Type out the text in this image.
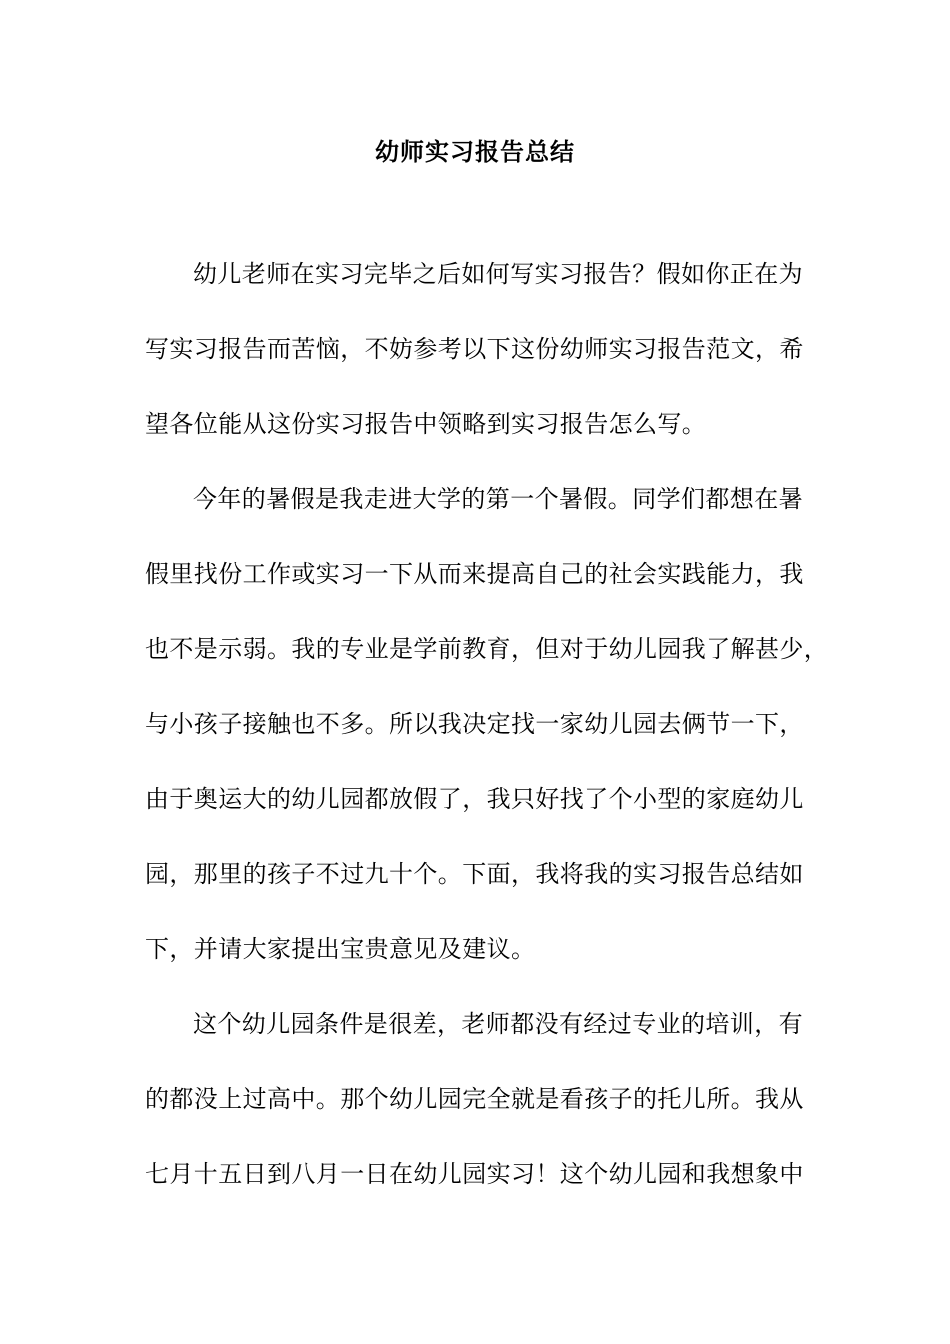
幼师实习报告总结
幼儿老师在实习完毕之后如何写实习报告？假如你正在为
写实习报告而苦恼，不妨参考以下这份幼师实习报告范文，希
望各位能从这份实习报告中领略到实习报告怎么写。
今年的暑假是我走进大学的第一个暑假。同学们都想在暑
假里找份工作或实习一下从而来提高自己的社会实践能力，我
也不是示弱。我的专业是学前教育，但对于幼儿园我了解甚少，
与小孩子接触也不多。所以我决定找一家幼儿园去俩节一下，
由于奥运大的幼儿园都放假了，我只好找了个小型的家庭幼儿
园，那里的孩子不过九十个。下面，我将我的实习报告总结如
下，并请大家提出宝贵意见及建议。
这个幼儿园条件是很差，老师都没有经过专业的培训，有
的都没上过高中。那个幼儿园完全就是看孩子的托儿所。我从
七月十五日到八月一日在幼儿园实习！这个幼儿园和我想象中
